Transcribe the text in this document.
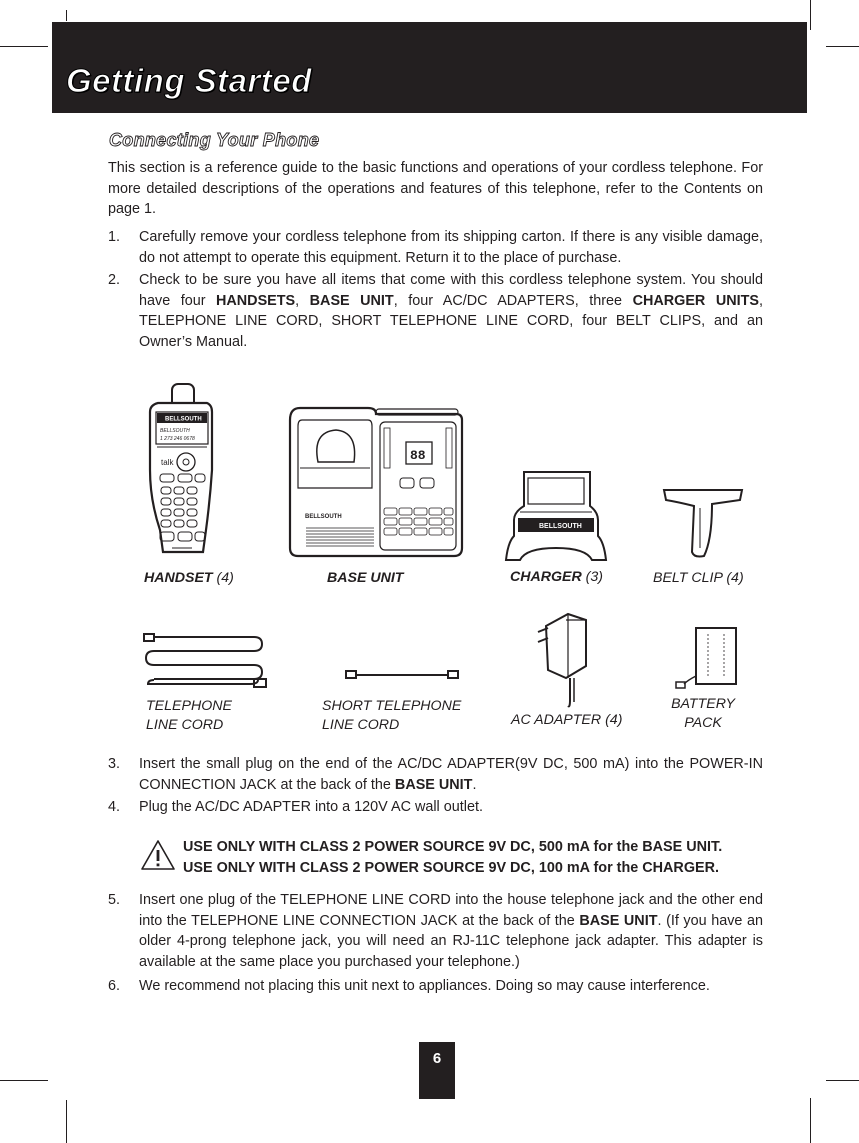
Getting Started
Connecting Your Phone
This section is a reference guide to the basic functions and operations of your cordless telephone. For more detailed descriptions of the operations and features of this telephone, refer to the Contents on page 1.
1. Carefully remove your cordless telephone from its shipping carton. If there is any visible damage, do not attempt to operate this equipment. Return it to the place of purchase.
2. Check to be sure you have all items that come with this cordless telephone system. You should have four HANDSETS, BASE UNIT, four AC/DC ADAPTERS, three CHARGER UNITS, TELEPHONE LINE CORD, SHORT TELEPHONE LINE CORD, four BELT CLIPS, and an Owner’s Manual.
BELLSOUTH
BELLSOUTH
1 273 246 0678
talk	88
BELLSOUTH
BELLSOUTH
HANDSET (4)	BASE UNIT	CHARGER (3)	BELT CLIP (4)
TELEPHONE
LINE CORD
SHORT TELEPHONE
LINE CORD	AC ADAPTER (4)
BATTERY
PACK
3. Insert the small plug on the end of the AC/DC ADAPTER(9V DC, 500 mA) into the POWER-IN CONNECTION JACK at the back of the BASE UNIT.
4. Plug the AC/DC ADAPTER into a 120V AC wall outlet.
USE ONLY WITH CLASS 2 POWER SOURCE 9V DC, 500 mA for the BASE UNIT.
USE ONLY WITH CLASS 2 POWER SOURCE 9V DC, 100 mA for the CHARGER.
5. Insert one plug of the TELEPHONE LINE CORD into the house telephone jack and the other end into the TELEPHONE LINE CONNECTION JACK at the back of the BASE UNIT. (If you have an older 4-prong telephone jack, you will need an RJ-11C telephone jack adapter. This adapter is available at the same place you purchased your telephone.)
6. We recommend not placing this unit next to appliances. Doing so may cause interference.
6
